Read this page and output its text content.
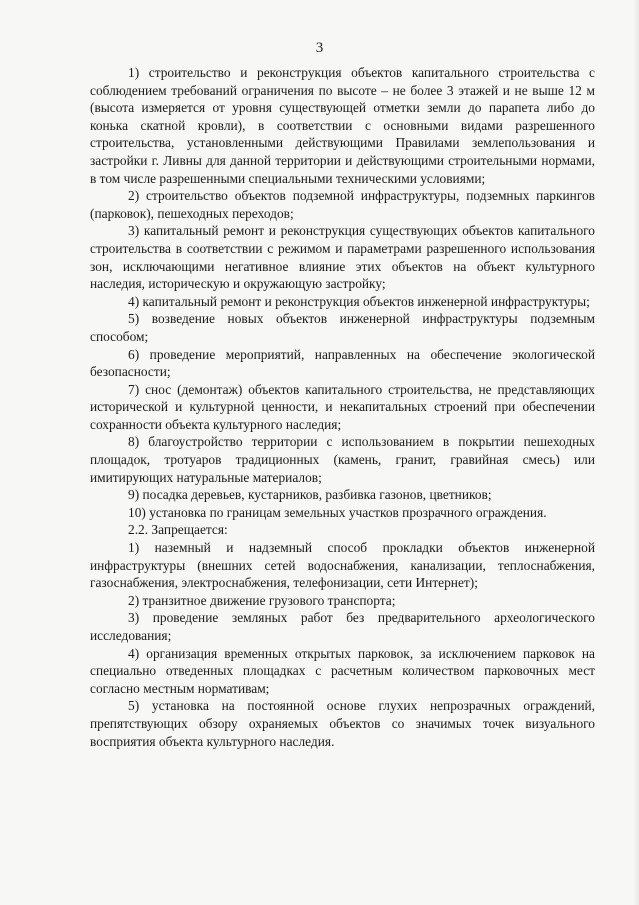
3

1) строительство и реконструкция объектов капитального строительства с соблюдением требований ограничения по высоте – не более 3 этажей и не выше 12 м (высота измеряется от уровня существующей отметки земли до парапета либо до конька скатной кровли), в соответствии с основными видами разрешенного строительства, установленными действующими Правилами землепользования и застройки г. Ливны для данной территории и действующими строительными нормами, в том числе разрешенными специальными техническими условиями;

2) строительство объектов подземной инфраструктуры, подземных паркингов (парковок), пешеходных переходов;

3) капитальный ремонт и реконструкция существующих объектов капитального строительства в соответствии с режимом и параметрами разрешенного использования зон, исключающими негативное влияние этих объектов на объект культурного наследия, историческую и окружающую застройку;

4) капитальный ремонт и реконструкция объектов инженерной инфраструктуры;

5) возведение новых объектов инженерной инфраструктуры подземным способом;

6) проведение мероприятий, направленных на обеспечение экологической безопасности;

7) снос (демонтаж) объектов капитального строительства, не представляющих исторической и культурной ценности, и некапитальных строений при обеспечении сохранности объекта культурного наследия;

8) благоустройство территории с использованием в покрытии пешеходных площадок, тротуаров традиционных (камень, гранит, гравийная смесь) или имитирующих натуральные материалов;

9) посадка деревьев, кустарников, разбивка газонов, цветников;

10) установка по границам земельных участков прозрачного ограждения.

2.2. Запрещается:

1) наземный и надземный способ прокладки объектов инженерной инфраструктуры (внешних сетей водоснабжения, канализации, теплоснабжения, газоснабжения, электроснабжения, телефонизации, сети Интернет);

2) транзитное движение грузового транспорта;

3) проведение земляных работ без предварительного археологического исследования;

4) организация временных открытых парковок, за исключением парковок на специально отведенных площадках с расчетным количеством парковочных мест согласно местным нормативам;

5) установка на постоянной основе глухих непрозрачных ограждений, препятствующих обзору охраняемых объектов со значимых точек визуального восприятия объекта культурного наследия.
